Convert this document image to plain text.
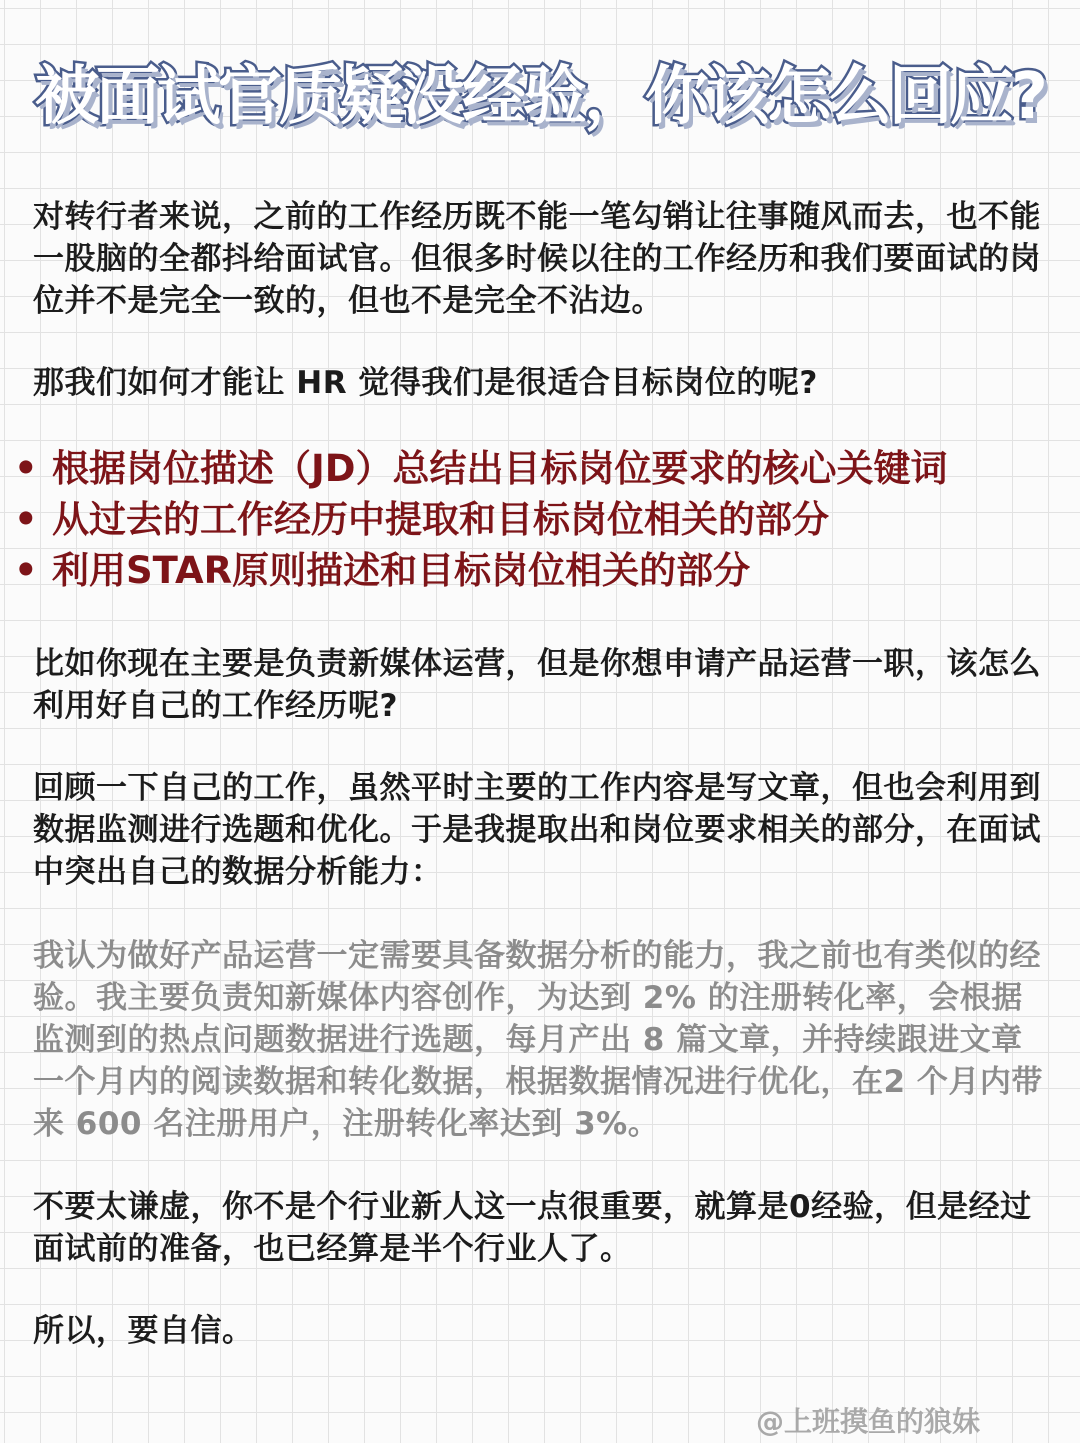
被面试官质疑没经验，你该怎么回应?

对转行者来说，之前的工作经历既不能一笔勾销让往事随风而去，也不能一股脑的全都抖给面试官。但很多时候以往的工作经历和我们要面试的岗位并不是完全一致的，但也不是完全不沾边。

那我们如何才能让 HR 觉得我们是很适合目标岗位的呢?

• 根据岗位描述（JD）总结出目标岗位要求的核心关键词
• 从过去的工作经历中提取和目标岗位相关的部分
• 利用STAR原则描述和目标岗位相关的部分

比如你现在主要是负责新媒体运营，但是你想申请产品运营一职，该怎么利用好自己的工作经历呢?

回顾一下自己的工作，虽然平时主要的工作内容是写文章，但也会利用到数据监测进行选题和优化。于是我提取出和岗位要求相关的部分，在面试中突出自己的数据分析能力：

我认为做好产品运营一定需要具备数据分析的能力，我之前也有类似的经验。我主要负责知新媒体内容创作，为达到 2% 的注册转化率，会根据监测到的热点问题数据进行选题，每月产出 8 篇文章，并持续跟进文章一个月内的阅读数据和转化数据，根据数据情况进行优化，在2 个月内带来 600 名注册用户，注册转化率达到 3%。

不要太谦虚，你不是个行业新人这一点很重要，就算是0经验，但是经过面试前的准备，也已经算是半个行业人了。

所以，要自信。

@上班摸鱼的狼妹
